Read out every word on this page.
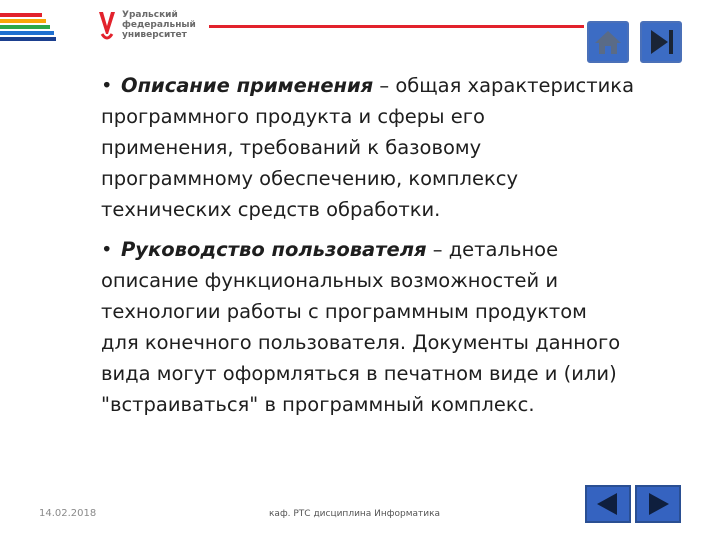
Уральский
федеральный
университет

• Описание применения – общая характеристика
программного продукта и сферы его
применения, требований к базовому
программному обеспечению, комплексу
технических средств обработки.

• Руководство пользователя – детальное
описание функциональных возможностей и
технологии работы с программным продуктом
для конечного пользователя. Документы данного
вида могут оформляться в печатном виде и (или)
"встраиваться" в программный комплекс.

14.02.2018	каф. РТС дисциплина Информатика
